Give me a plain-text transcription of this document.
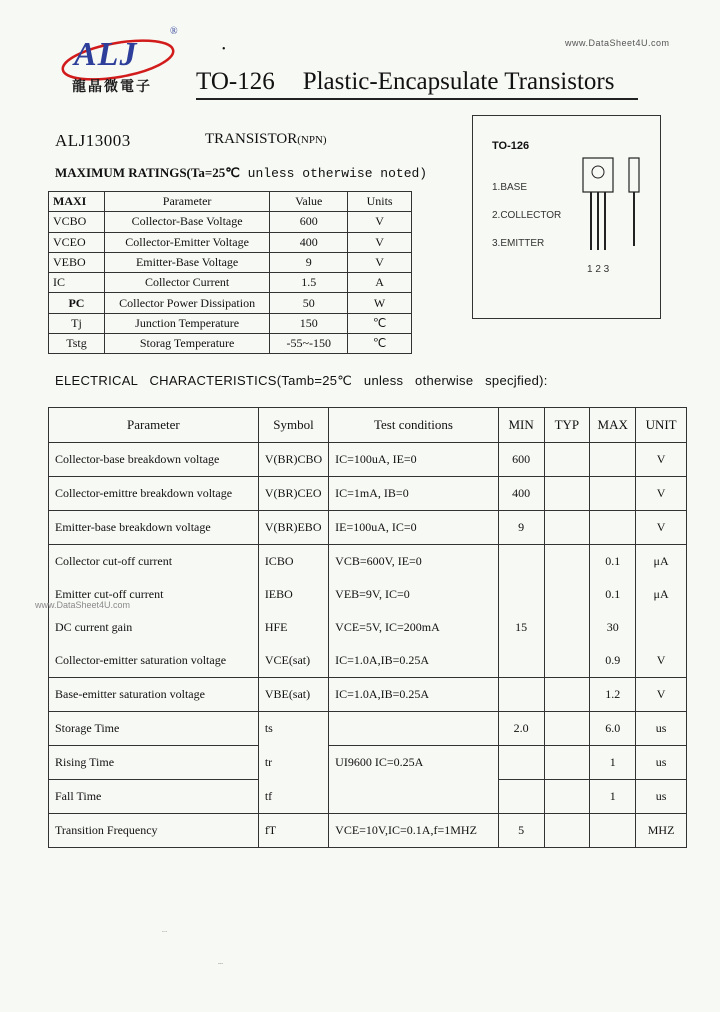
ALJ
®
龍晶微電子
•
www.DataSheet4U.com
TO-126 Plastic-Encapsulate Transistors
ALJ13003	TRANSISTOR(NPN)
MAXIMUM RATINGS(Ta=25℃ unless otherwise noted)
MAXI	Parameter	Value	Units
VCBO	Collector-Base Voltage	600	V
VCEO	Collector-Emitter Voltage	400	V
VEBO	Emitter-Base Voltage	9	V
IC	Collector Current	1.5	A
PC	Collector Power Dissipation	50	W
Tj	Junction Temperature	150	℃
Tstg	Storag Temperature	-55~-150	℃
TO-126
1.BASE
2.COLLECTOR
3.EMITTER
1 2 3
ELECTRICAL   CHARACTERISTICS(Tamb=25℃   unless   otherwise   specjfied):
Parameter	Symbol	Test conditions	MIN	TYP	MAX	UNIT
Collector-base breakdown voltage	V(BR)CBO	IC=100uA, IE=0	600			V
Collector-emittre breakdown voltage	V(BR)CEO	IC=1mA, IB=0	400			V
Emitter-base breakdown voltage	V(BR)EBO	IE=100uA, IC=0	9			V
Collector cut-off current	ICBO	VCB=600V, IE=0			0.1	μA
Emitter cut-off current	IEBO	VEB=9V, IC=0			0.1	μA
DC current gain	HFE	VCE=5V, IC=200mA	15		30	
Collector-emitter saturation voltage	VCE(sat)	IC=1.0A,IB=0.25A			0.9	V
Base-emitter saturation voltage	VBE(sat)	IC=1.0A,IB=0.25A			1.2	V
Storage Time	ts		2.0		6.0	us
Rising Time	tr	UI9600 IC=0.25A			1	us
Fall Time	tf				1	us
Transition Frequency	fT	VCE=10V,IC=0.1A,f=1MHZ	5			MHZ
www.DataSheet4U.com
-·-
---
